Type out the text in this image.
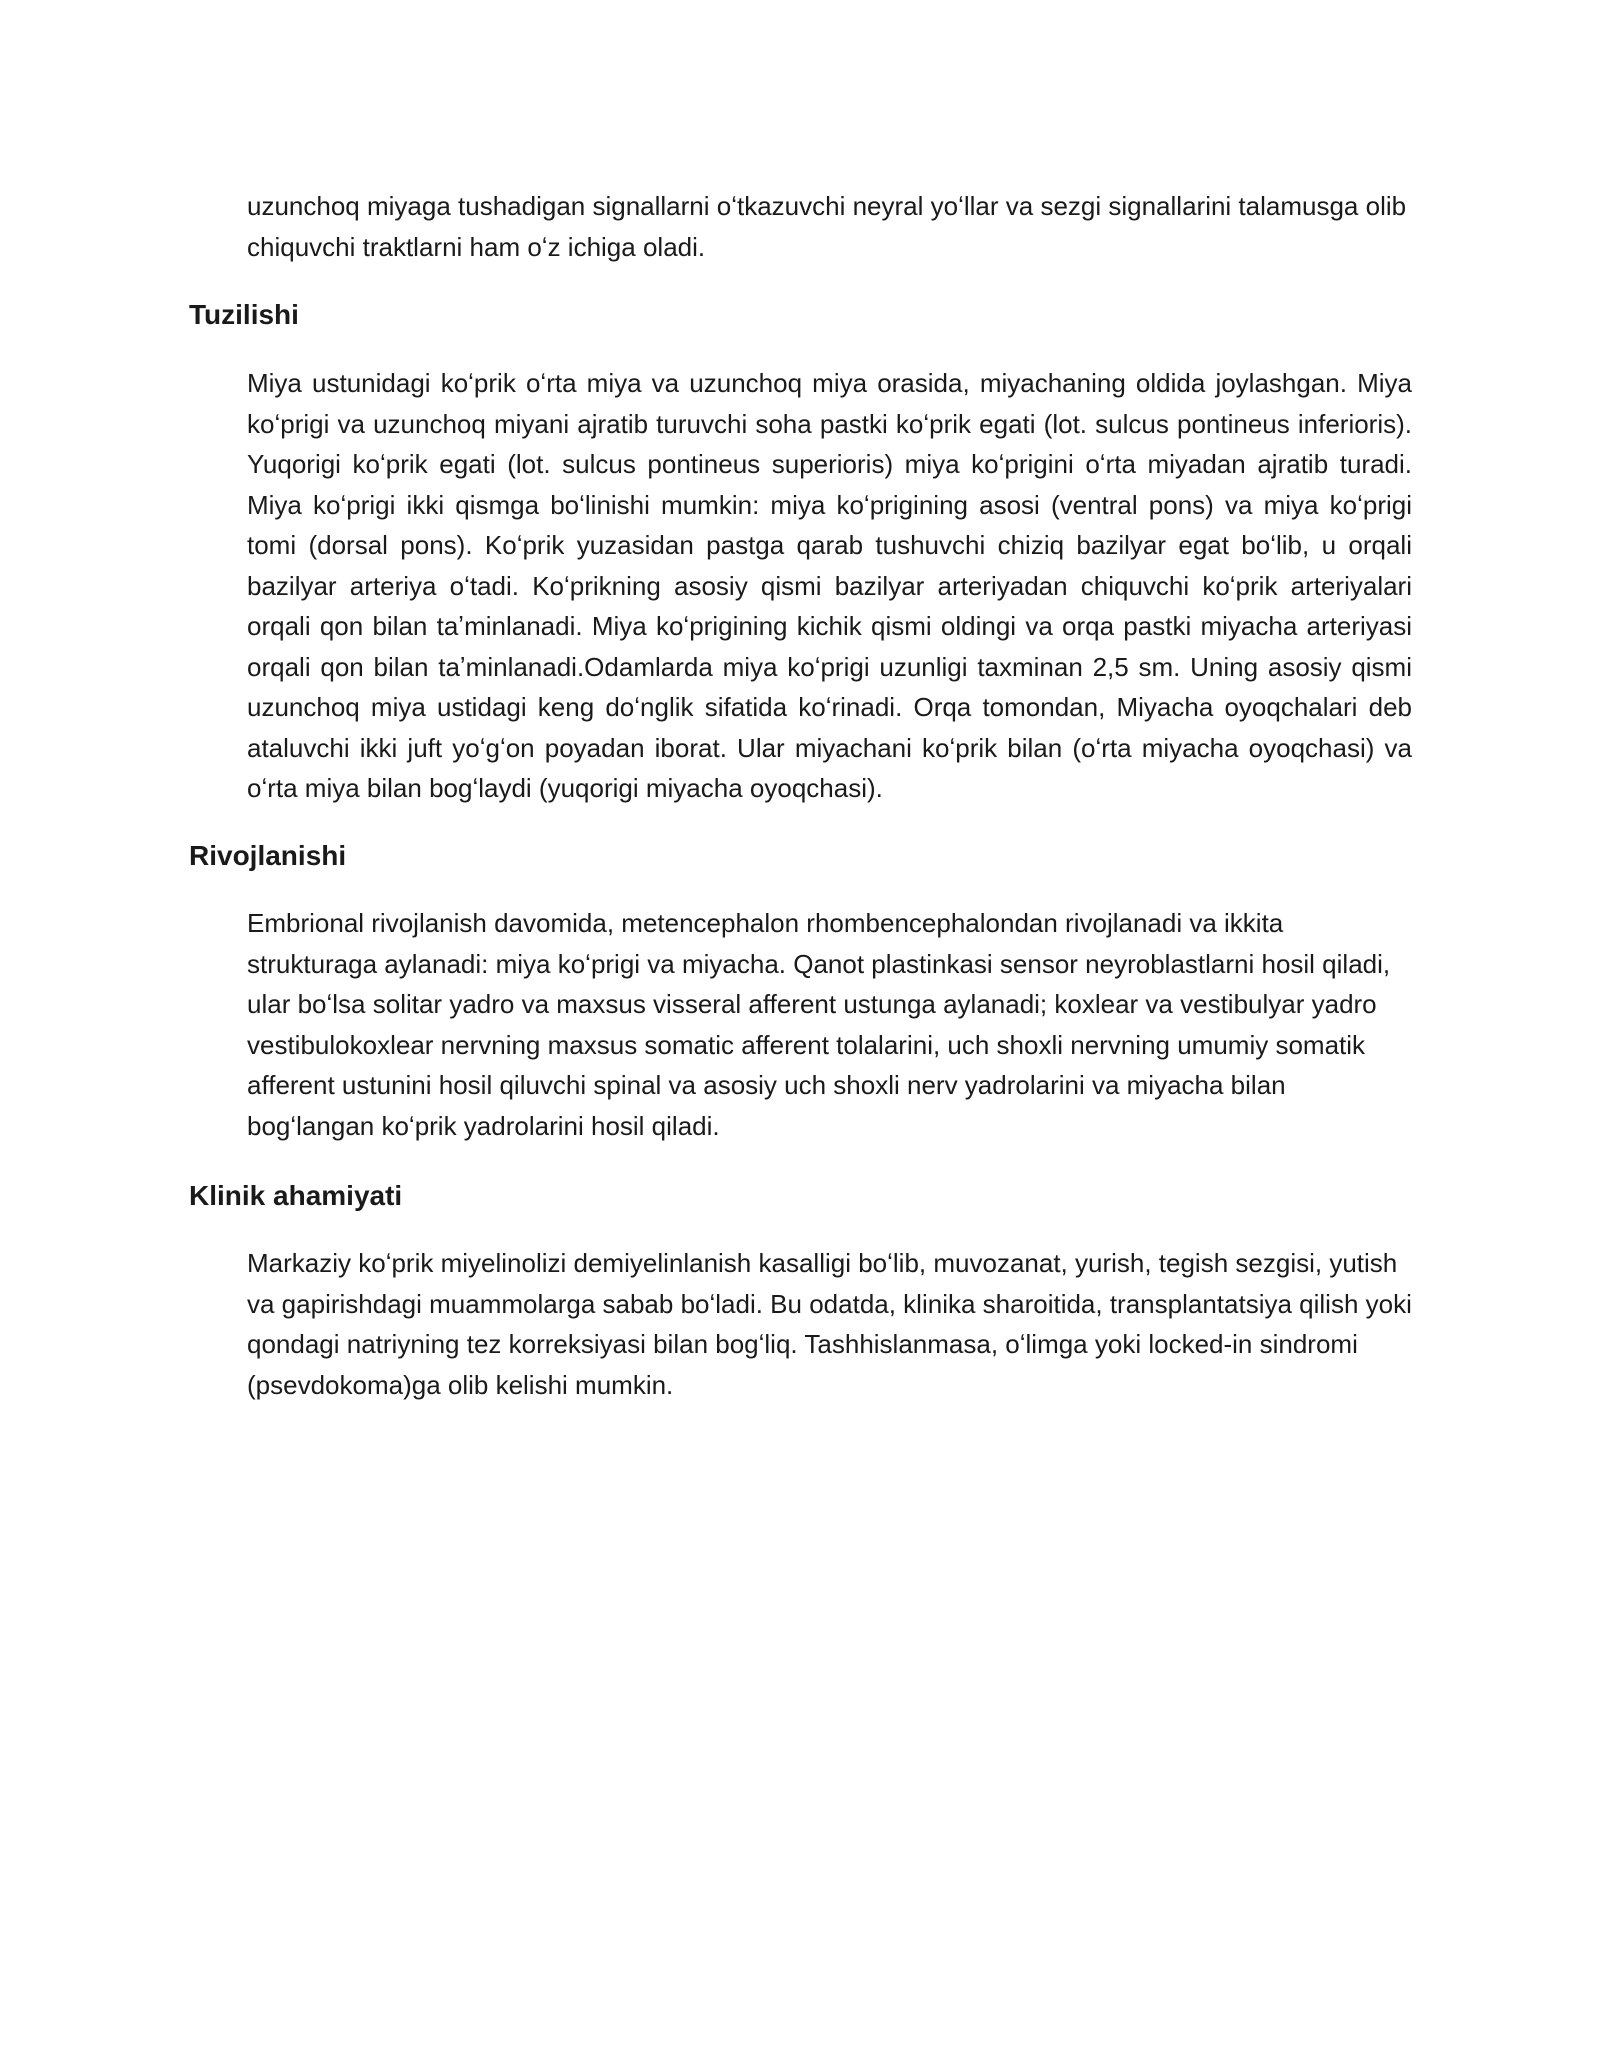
uzunchoq miyaga tushadigan signallarni oʻtkazuvchi neyral yoʻllar va sezgi signallarini talamusga olib chiquvchi traktlarni ham oʻz ichiga oladi.

Tuzilishi

Miya ustunidagi koʻprik oʻrta miya va uzunchoq miya orasida, miyachaning oldida joylashgan. Miya koʻprigi va uzunchoq miyani ajratib turuvchi soha pastki koʻprik egati (lot. sulcus pontineus inferioris). Yuqorigi koʻprik egati (lot. sulcus pontineus superioris) miya koʻprigini oʻrta miyadan ajratib turadi. Miya koʻprigi ikki qismga boʻlinishi mumkin: miya koʻprigining asosi (ventral pons) va miya koʻprigi tomi (dorsal pons). Koʻprik yuzasidan pastga qarab tushuvchi chiziq bazilyar egat boʻlib, u orqali bazilyar arteriya oʻtadi. Koʻprikning asosiy qismi bazilyar arteriyadan chiquvchi koʻprik arteriyalari orqali qon bilan taʼminlanadi. Miya koʻprigining kichik qismi oldingi va orqa pastki miyacha arteriyasi orqali qon bilan taʼminlanadi.Odamlarda miya koʻprigi uzunligi taxminan 2,5 sm. Uning asosiy qismi uzunchoq miya ustidagi keng doʻnglik sifatida koʻrinadi. Orqa tomondan, Miyacha oyoqchalari deb ataluvchi ikki juft yoʻgʻon poyadan iborat. Ular miyachani koʻprik bilan (oʻrta miyacha oyoqchasi) va oʻrta miya bilan bogʻlaydi (yuqorigi miyacha oyoqchasi).

Rivojlanishi

Embrional rivojlanish davomida, metencephalon rhombencephalondan rivojlanadi va ikkita strukturaga aylanadi: miya koʻprigi va miyacha. Qanot plastinkasi sensor neyroblastlarni hosil qiladi, ular boʻlsa solitar yadro va maxsus visseral afferent ustunga aylanadi; koxlear va vestibulyar yadro vestibulokoxlear nervning maxsus somatic afferent tolalarini, uch shoxli nervning umumiy somatik afferent ustunini hosil qiluvchi spinal va asosiy uch shoxli nerv yadrolarini va miyacha bilan bogʻlangan koʻprik yadrolarini hosil qiladi.

Klinik ahamiyati

Markaziy koʻprik miyelinolizi demiyelinlanish kasalligi boʻlib, muvozanat, yurish, tegish sezgisi, yutish va gapirishdagi muammolarga sabab boʻladi. Bu odatda, klinika sharoitida, transplantatsiya qilish yoki qondagi natriyning tez korreksiyasi bilan bogʻliq. Tashhislanmasa, oʻlimga yoki locked-in sindromi (psevdokoma)ga olib kelishi mumkin.
